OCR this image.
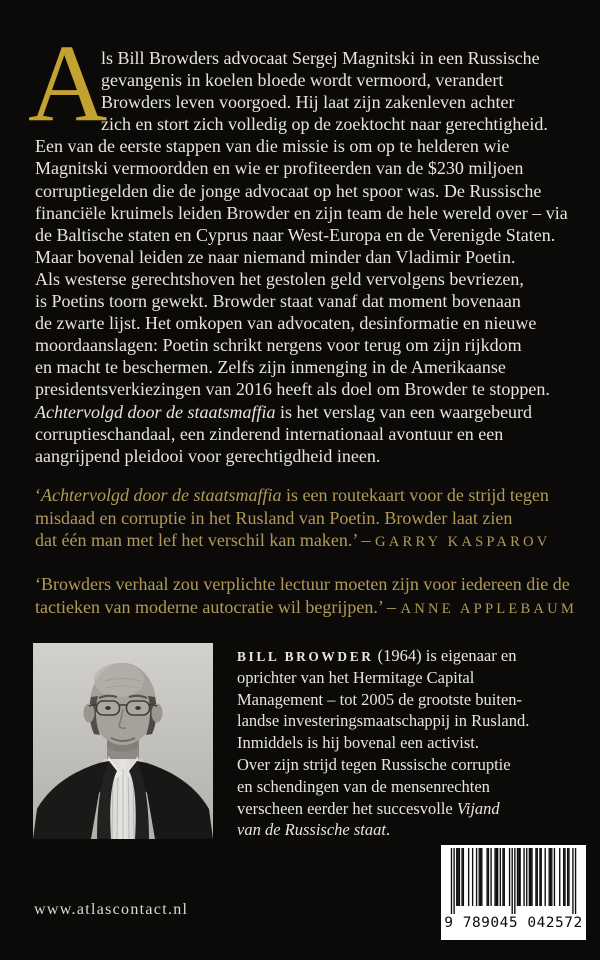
A
ls Bill Browders advocaat Sergej Magnitski in een Russische
gevangenis in koelen bloede wordt vermoord, verandert
Browders leven voorgoed. Hij laat zijn zakenleven achter
zich en stort zich volledig op de zoektocht naar gerechtigheid.
Een van de eerste stappen van die missie is om op te helderen wie
Magnitski vermoordden en wie er profiteerden van de $230 miljoen
corruptiegelden die de jonge advocaat op het spoor was. De Russische
financiële kruimels leiden Browder en zijn team de hele wereld over – via
de Baltische staten en Cyprus naar West-Europa en de Verenigde Staten.
Maar bovenal leiden ze naar niemand minder dan Vladimir Poetin.
Als westerse gerechtshoven het gestolen geld vervolgens bevriezen,
is Poetins toorn gewekt. Browder staat vanaf dat moment bovenaan
de zwarte lijst. Het omkopen van advocaten, desinformatie en nieuwe
moordaanslagen: Poetin schrikt nergens voor terug om zijn rijkdom
en macht te beschermen. Zelfs zijn inmenging in de Amerikaanse
presidentsverkiezingen van 2016 heeft als doel om Browder te stoppen.
Achtervolgd door de staatsmaffia is het verslag van een waargebeurd
corruptieschandaal, een zinderend internationaal avontuur en een
aangrijpend pleidooi voor gerechtigdheid ineen.
‘Achtervolgd door de staatsmaffia is een routekaart voor de strijd tegen
misdaad en corruptie in het Rusland van Poetin. Browder laat zien
dat één man met lef het verschil kan maken.’ – GARRY KASPAROV
‘Browders verhaal zou verplichte lectuur moeten zijn voor iedereen die de
tactieken van moderne autocratie wil begrijpen.’ – ANNE APPLEBAUM
BILL BROWDER (1964) is eigenaar en
oprichter van het Hermitage Capital
Management – tot 2005 de grootste buiten-
landse investeringsmaatschappij in Rusland.
Inmiddels is hij bovenal een activist.
Over zijn strijd tegen Russische corruptie
en schendingen van de mensenrechten
verscheen eerder het succesvolle Vijand
van de Russische staat.
www.atlascontact.nl
9 789045 042572
